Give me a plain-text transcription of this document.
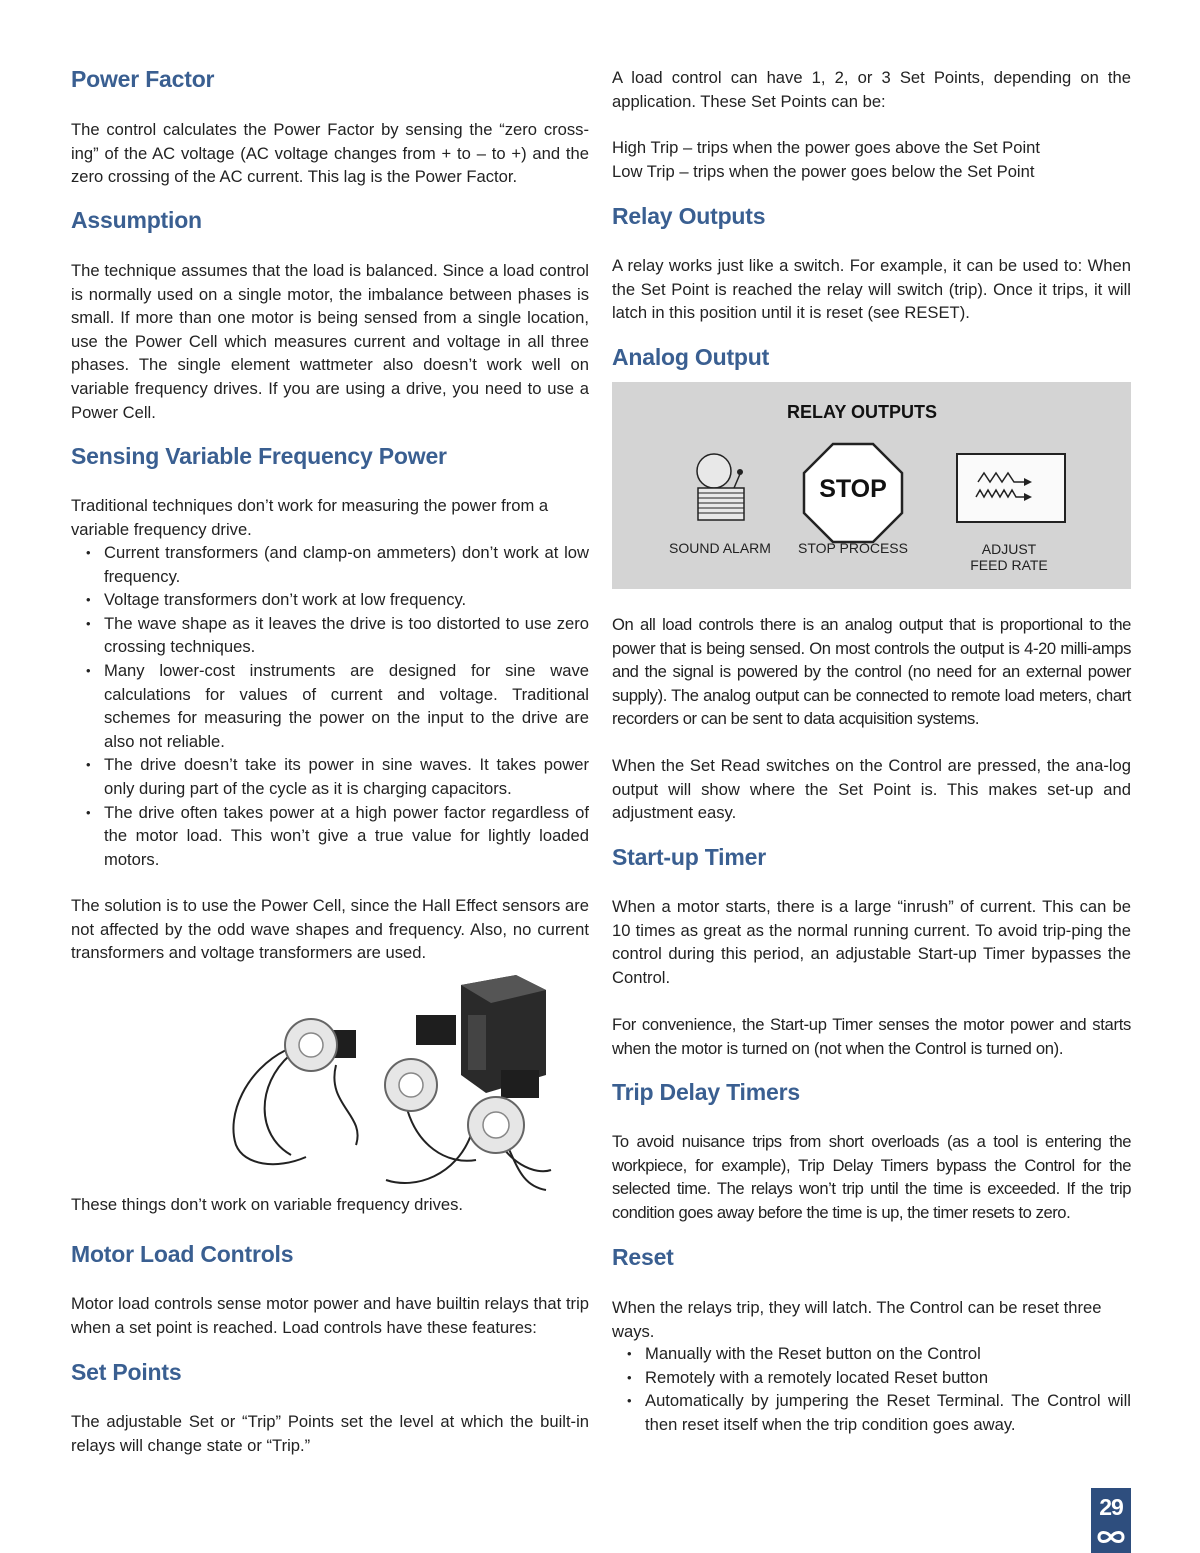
Power Factor

The control calculates the Power Factor by sensing the “zero cross-ing” of the AC voltage (AC voltage changes from + to – to +) and the zero crossing of the AC current. This lag is the Power Factor.

Assumption

The technique assumes that the load is balanced. Since a load control is normally used on a single motor, the imbalance between phases is small. If more than one motor is being sensed from a single location, use the Power Cell which measures current and voltage in all three phases. The single element wattmeter also doesn’t work well on variable frequency drives. If you are using a drive, you need to use a Power Cell.

Sensing Variable Frequency Power

Traditional techniques don’t work for measuring the power from a variable frequency drive.

• Current transformers (and clamp-on ammeters) don’t work at low frequency.
• Voltage transformers don’t work at low frequency.
• The wave shape as it leaves the drive is too distorted to use zero crossing techniques.
• Many lower-cost instruments are designed for sine wave calculations for values of current and voltage. Traditional schemes for measuring the power on the input to the drive are also not reliable.
• The drive doesn’t take its power in sine waves. It takes power only during part of the cycle as it is charging capacitors.
• The drive often takes power at a high power factor regardless of the motor load. This won’t give a true value for lightly loaded motors.

The solution is to use the Power Cell, since the Hall Effect sensors are not affected by the odd wave shapes and frequency. Also, no current transformers and voltage transformers are used.

These things don’t work on variable frequency drives.

Motor Load Controls

Motor load controls sense motor power and have builtin relays that trip when a set point is reached. Load controls have these features:

Set Points

The adjustable Set or “Trip” Points set the level at which the built-in relays will change state or “Trip.”

A load control can have 1, 2, or 3 Set Points, depending on the application. These Set Points can be:

High Trip – trips when the power goes above the Set Point

Low Trip – trips when the power goes below the Set Point

Relay Outputs

A relay works just like a switch. For example, it can be used to: When the Set Point is reached the relay will switch (trip). Once it trips, it will latch in this position until it is reset (see RESET).

Analog Output
RELAY OUTPUTS
STOP
SOUND ALARM STOP PROCESS	ADJUST
FEED RATE

On all load controls there is an analog output that is proportional to the power that is being sensed. On most controls the output is 4-20 milli-amps and the signal is powered by the control (no need for an external power supply). The analog output can be connected to remote load meters, chart recorders or can be sent to data acquisition systems.

When the Set Read switches on the Control are pressed, the ana-log output will show where the Set Point is. This makes set-up and adjustment easy.

Start-up Timer

When a motor starts, there is a large “inrush” of current. This can be 10 times as great as the normal running current. To avoid trip-ping the control during this period, an adjustable Start-up Timer bypasses the Control.

For convenience, the Start-up Timer senses the motor power and starts when the motor is turned on (not when the Control is turned on).

Trip Delay Timers

To avoid nuisance trips from short overloads (as a tool is entering the workpiece, for example), Trip Delay Timers bypass the Control for the selected time. The relays won’t trip until the time is exceeded. If the trip condition goes away before the time is up, the timer resets to zero.

Reset

When the relays trip, they will latch. The Control can be reset three ways.

• Manually with the Reset button on the Control
• Remotely with a remotely located Reset button
• Automatically by jumpering the Reset Terminal. The Control will then reset itself when the trip condition goes away.
29
